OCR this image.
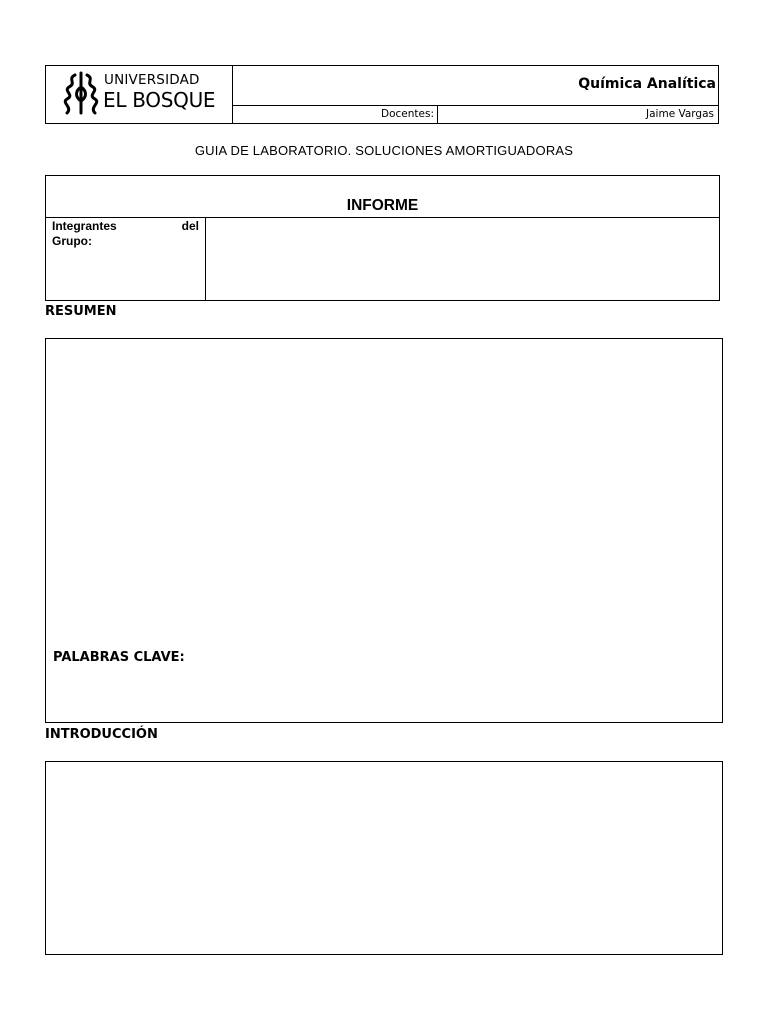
UNIVERSIDAD
EL BOSQUE
Química Analítica
Docentes:	Jaime Vargas
GUIA DE LABORATORIO. SOLUCIONES AMORTIGUADORAS
INFORME
Integrantes del
Grupo:
RESUMEN
PALABRAS CLAVE:
INTRODUCCIÓN
